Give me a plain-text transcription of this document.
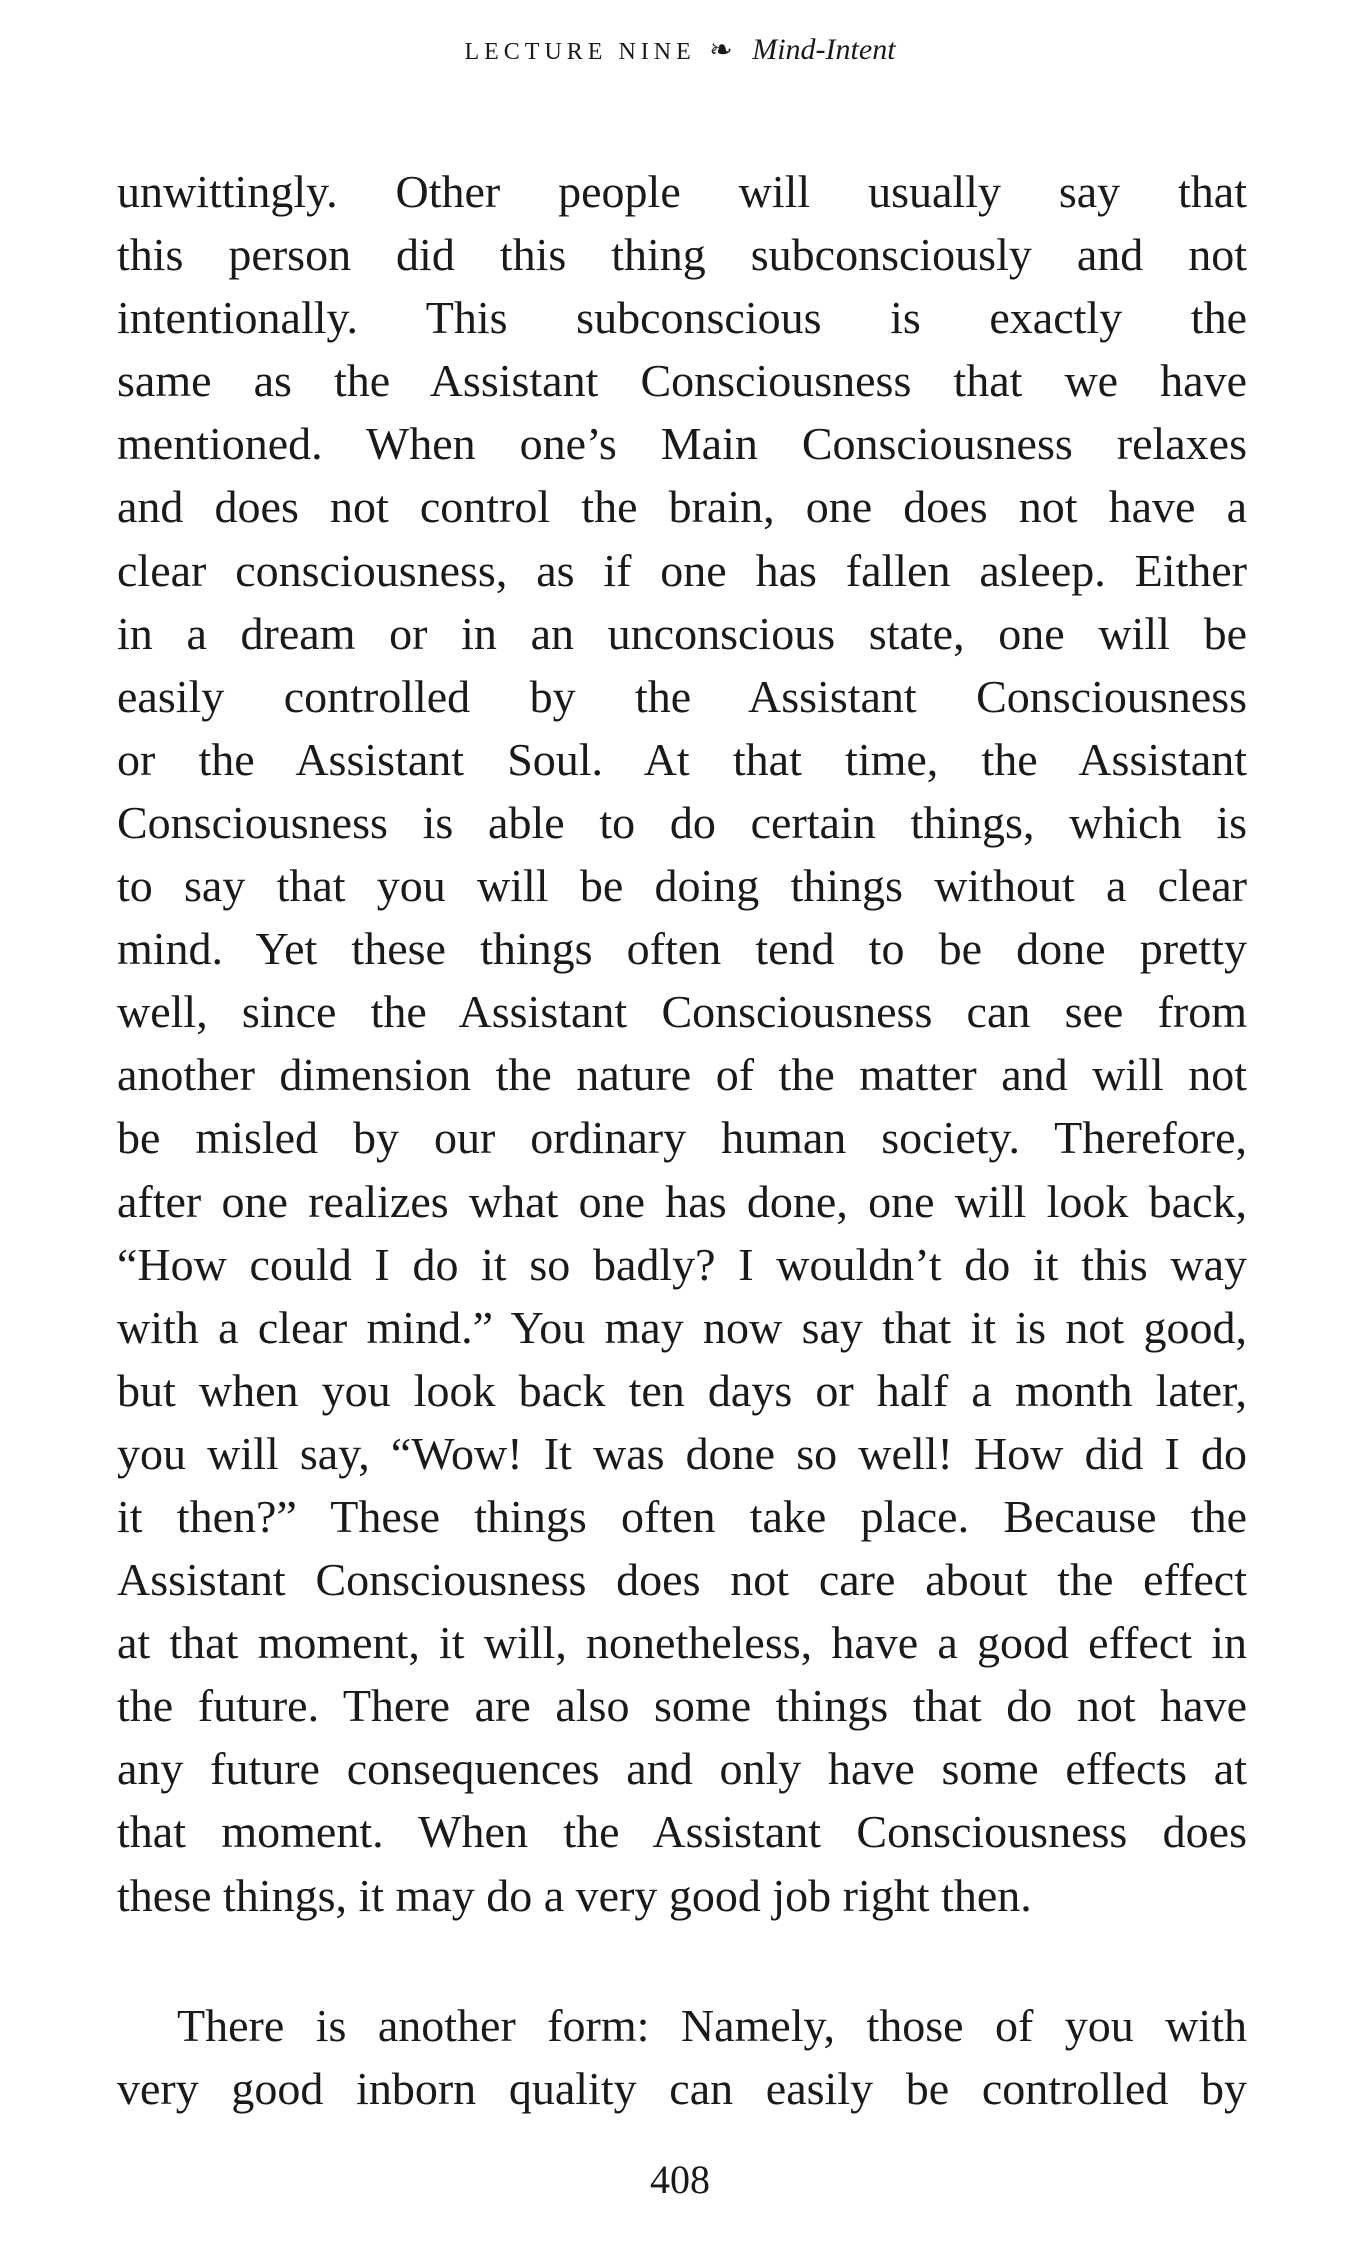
LECTURE NINE ❧ Mind-Intent
unwittingly. Other people will usually say that
this person did this thing subconsciously and not
intentionally. This subconscious is exactly the
same as the Assistant Consciousness that we have
mentioned. When one’s Main Consciousness relaxes
and does not control the brain, one does not have a
clear consciousness, as if one has fallen asleep. Either
in a dream or in an unconscious state, one will be
easily controlled by the Assistant Consciousness
or the Assistant Soul. At that time, the Assistant
Consciousness is able to do certain things, which is
to say that you will be doing things without a clear
mind. Yet these things often tend to be done pretty
well, since the Assistant Consciousness can see from
another dimension the nature of the matter and will not
be misled by our ordinary human society. Therefore,
after one realizes what one has done, one will look back,
“How could I do it so badly? I wouldn’t do it this way
with a clear mind.” You may now say that it is not good,
but when you look back ten days or half a month later,
you will say, “Wow! It was done so well! How did I do
it then?” These things often take place. Because the
Assistant Consciousness does not care about the effect
at that moment, it will, nonetheless, have a good effect in
the future. There are also some things that do not have
any future consequences and only have some effects at
that moment. When the Assistant Consciousness does
these things, it may do a very good job right then.
There is another form: Namely, those of you with
very good inborn quality can easily be controlled by
408
